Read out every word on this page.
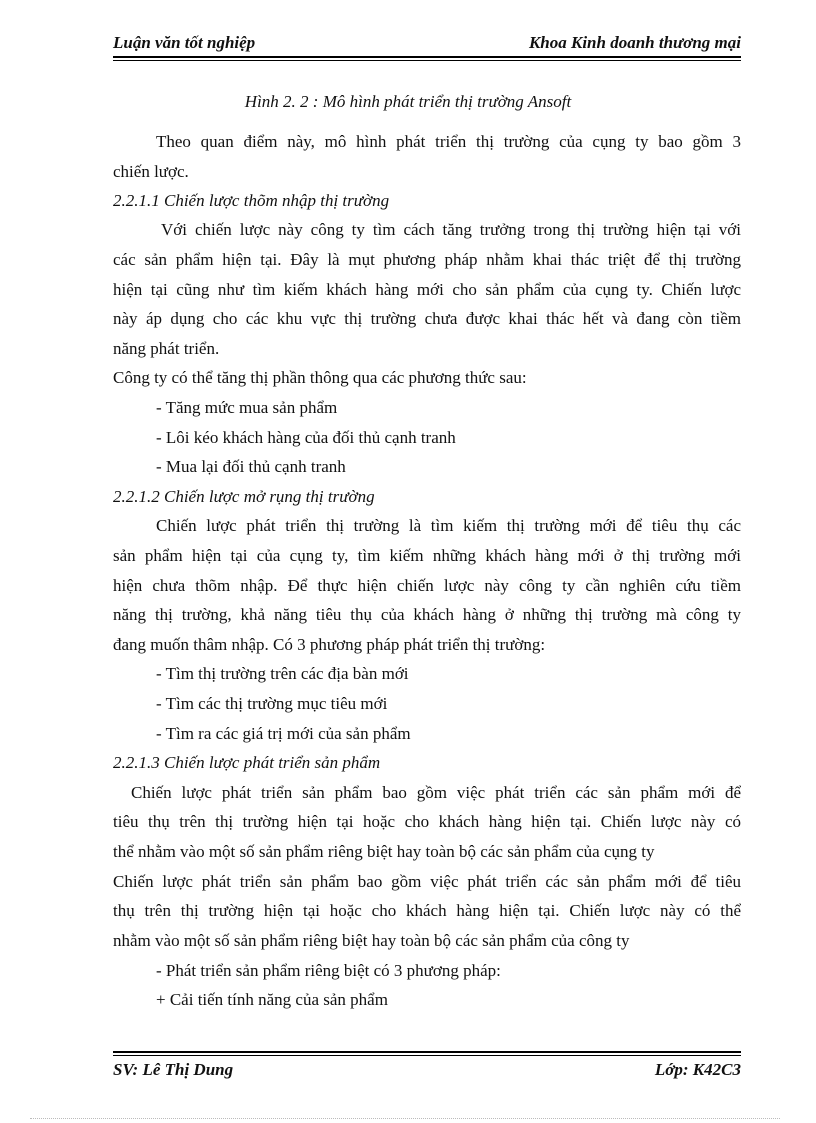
Luận văn tốt nghiệp	Khoa Kinh doanh thương mại
Hình 2. 2 : Mô hình phát triển thị trường Ansoft
Theo quan điểm này, mô hình phát triển thị trường của cụng ty bao gồm 3
chiến lược.
2.2.1.1 Chiến lược thõm nhập thị trường
Với chiến lược này công ty tìm cách tăng trưởng trong thị trường hiện tại với
các sản phẩm hiện tại. Đây là mụt phương pháp nhằm khai thác triệt để thị trường
hiện tại cũng như tìm kiếm khách hàng mới cho sản phẩm của cụng ty. Chiến lược
này áp dụng cho các khu vực thị trường chưa được khai thác hết và đang còn tiềm
năng phát triển.
Công ty có thể tăng thị phần thông qua các phương thức sau:
- Tăng mức mua sản phẩm
- Lôi kéo khách hàng của đối thủ cạnh tranh
- Mua lại đối thủ cạnh tranh
2.2.1.2 Chiến lược mở rụng thị trường
Chiến lược phát triển thị trường là tìm kiếm thị trường mới để tiêu thụ các
sản phẩm hiện tại của cụng ty, tìm kiếm những khách hàng mới ở thị trường mới
hiện chưa thõm nhập. Để thực hiện chiến lược này công ty cần nghiên cứu tiềm
năng thị trường, khả năng tiêu thụ của khách hàng ở những thị trường mà công ty
đang muốn thâm nhập. Có 3 phương pháp phát triển thị trường:
- Tìm thị trường trên các địa bàn mới
- Tìm các thị trường mục tiêu mới
- Tìm ra các giá trị mới của sản phẩm
2.2.1.3 Chiến lược phát triển sản phẩm
Chiến lược phát triển sản phẩm bao gồm việc phát triển các sản phẩm mới để
tiêu thụ trên thị trường hiện tại hoặc cho khách hàng hiện tại. Chiến lược này có
thể nhằm vào một số sản phẩm riêng biệt hay toàn bộ các sản phẩm của cụng ty
Chiến lược phát triển sản phẩm bao gồm việc phát triển các sản phẩm mới để tiêu
thụ trên thị trường hiện tại hoặc cho khách hàng hiện tại. Chiến lược này có thể
nhằm vào một số sản phẩm riêng biệt hay toàn bộ các sản phẩm của công ty
- Phát triển sản phẩm riêng biệt có 3 phương pháp:
+ Cải tiến tính năng của sản phẩm
SV: Lê Thị Dung	Lớp: K42C3
